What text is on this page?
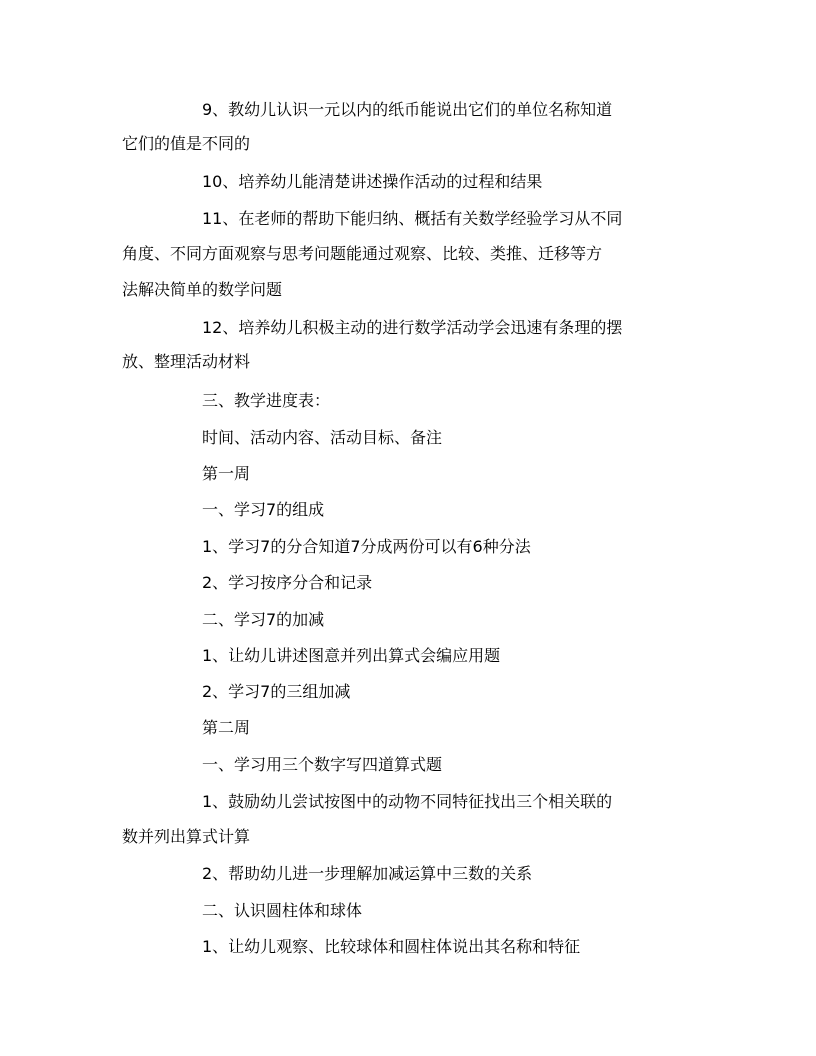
9、教幼儿认识一元以内的纸币能说出它们的单位名称知道

它们的值是不同的

10、培养幼儿能清楚讲述操作活动的过程和结果

11、在老师的帮助下能归纳、概括有关数学经验学习从不同

角度、不同方面观察与思考问题能通过观察、比较、类推、迁移等方

法解决简单的数学问题

12、培养幼儿积极主动的进行数学活动学会迅速有条理的摆

放、整理活动材料

三、教学进度表：

时间、活动内容、活动目标、备注

第一周

一、学习7的组成

1、学习7的分合知道7分成两份可以有6种分法

2、学习按序分合和记录

二、学习7的加减

1、让幼儿讲述图意并列出算式会编应用题

2、学习7的三组加减

第二周

一、学习用三个数字写四道算式题

1、鼓励幼儿尝试按图中的动物不同特征找出三个相关联的

数并列出算式计算

2、帮助幼儿进一步理解加减运算中三数的关系

二、认识圆柱体和球体

1、让幼儿观察、比较球体和圆柱体说出其名称和特征
